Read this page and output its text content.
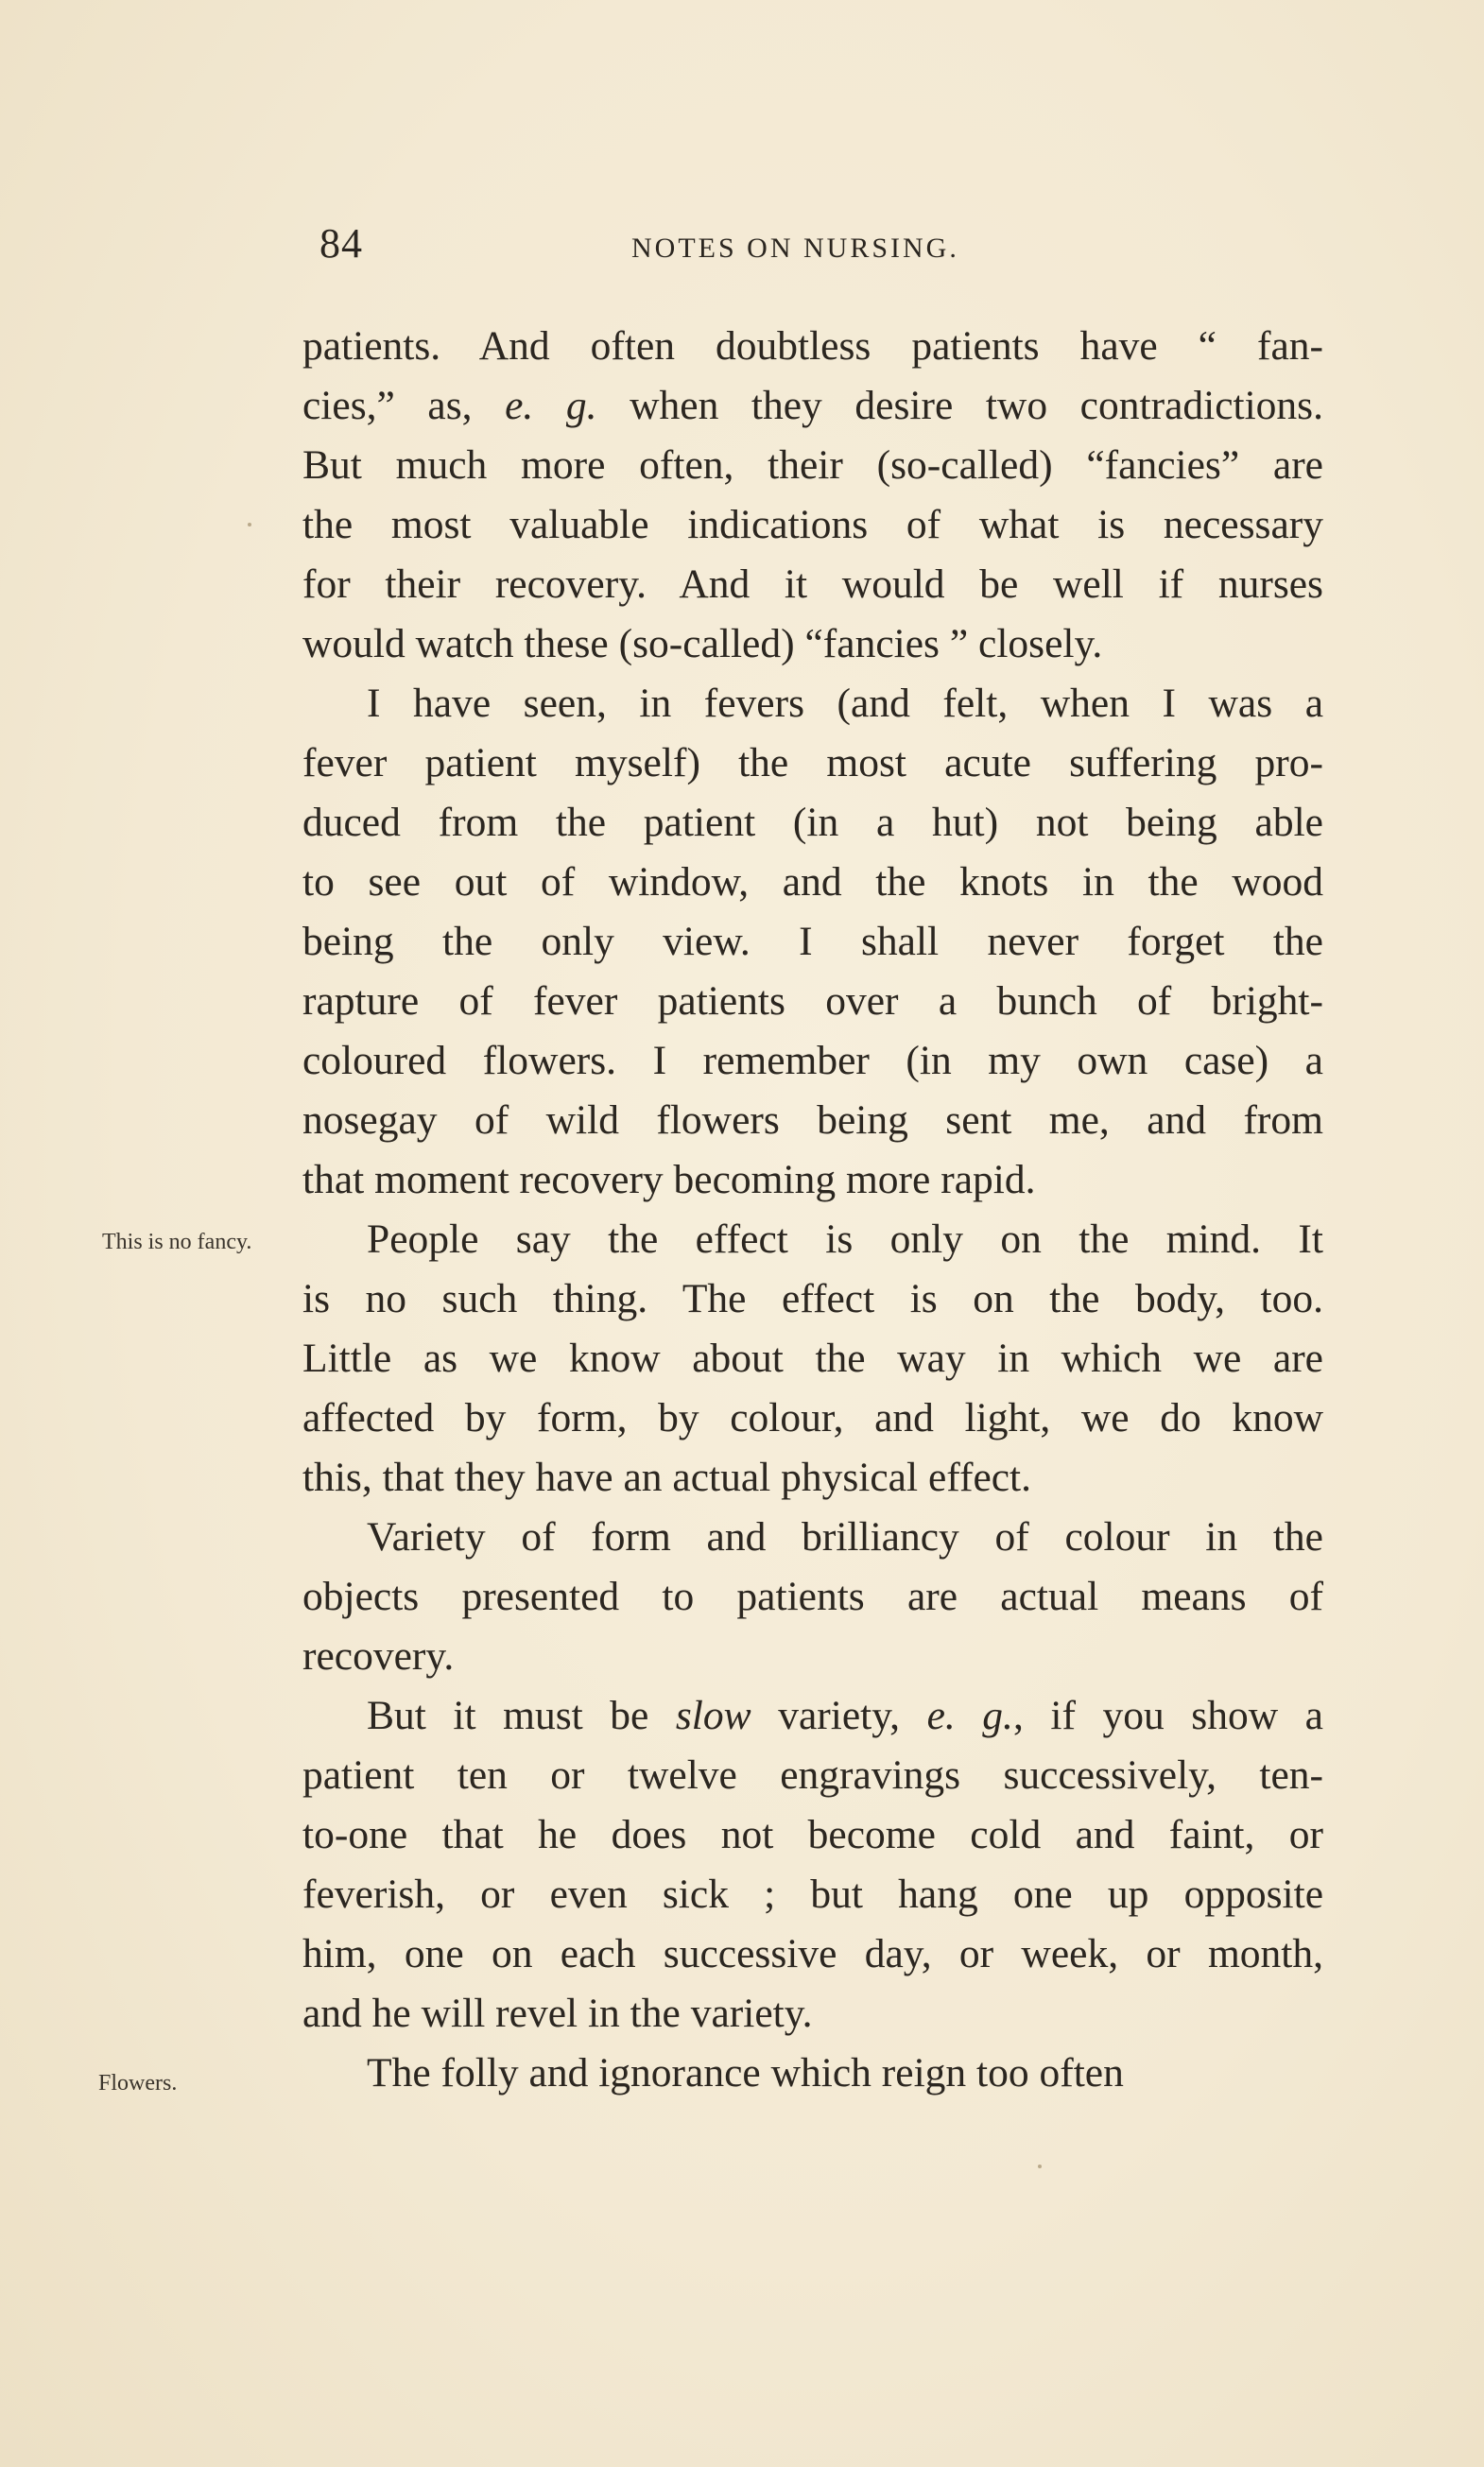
84	NOTES ON NURSING.
This is no fancy.
Flowers.

patients. And often doubtless patients have “ fan-
cies,” as, e. g. when they desire two contradictions.
But much more often, their (so-called) “fancies” are
the most valuable indications of what is necessary
for their recovery. And it would be well if nurses
would watch these (so-called) “fancies ” closely.

I have seen, in fevers (and felt, when I was a
fever patient myself) the most acute suffering pro-
duced from the patient (in a hut) not being able
to see out of window, and the knots in the wood
being the only view. I shall never forget the
rapture of fever patients over a bunch of bright-
coloured flowers. I remember (in my own case) a
nosegay of wild flowers being sent me, and from
that moment recovery becoming more rapid.

People say the effect is only on the mind. It
is no such thing. The effect is on the body, too.
Little as we know about the way in which we are
affected by form, by colour, and light, we do know
this, that they have an actual physical effect.

Variety of form and brilliancy of colour in the
objects presented to patients are actual means of
recovery.

But it must be slow variety, e. g., if you show a
patient ten or twelve engravings successively, ten-
to-one that he does not become cold and faint, or
feverish, or even sick ; but hang one up opposite
him, one on each successive day, or week, or month,
and he will revel in the variety.

The folly and ignorance which reign too often
